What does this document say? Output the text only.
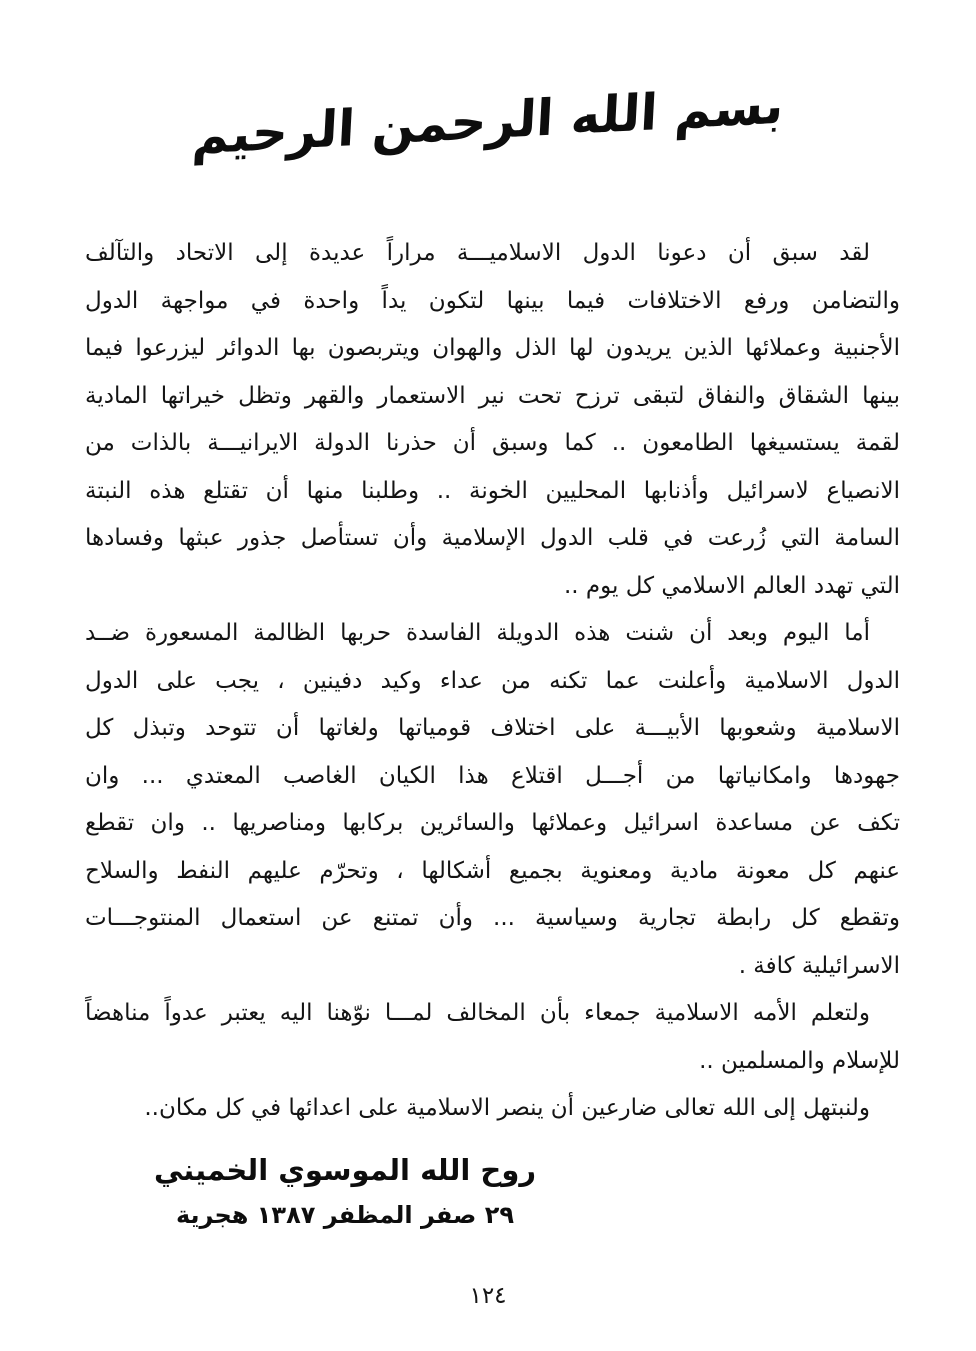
بسم الله الرحمن الرحيم
لقد سبق أن دعونا الدول الاسلاميـــة مراراً عديدة إلى الاتحاد والتآلف
والتضامن ورفع الاختلافات فيما بينها لتكون يداً واحدة في مواجهة الدول
الأجنبية وعملائها الذين يريدون لها الذل والهوان ويتربصون بها الدوائر ليزرعوا فيما
بينها الشقاق والنفاق لتبقى ترزح تحت نير الاستعمار والقهر وتظل خيراتها المادية
لقمة يستسيغها الطامعون .. كما وسبق أن حذرنا الدولة الايرانيـــة بالذات من
الانصياع لاسرائيل وأذنابها المحليين الخونة .. وطلبنا منها أن تقتلع هذه النبتة
السامة التي زُرعت في قلب الدول الإسلامية وأن تستأصل جذور عبثها وفسادها
التي تهدد العالم الاسلامي كل يوم ..
أما اليوم وبعد أن شنت هذه الدويلة الفاسدة حربها الظالمة المسعورة ضــد
الدول الاسلامية وأعلنت عما تكنه من عداء وكيد دفينين ، يجب على الدول
الاسلامية وشعوبها الأبيـــة على اختلاف قومياتها ولغاتها أن تتوحد وتبذل كل
جهودها وامكانياتها من أجـــل اقتلاع هذا الكيان الغاصب المعتدي ... وان
تكف عن مساعدة اسرائيل وعملائها والسائرين بركابها ومناصريها .. وان تقطع
عنهم كل معونة مادية ومعنوية بجميع أشكالها ، وتحرّم عليهم النفط والسلاح
وتقطع كل رابطة تجارية وسياسية ... وأن تمتنع عن استعمال المنتوجـــات
الاسرائيلية كافة .
ولتعلم الأمه الاسلامية جمعاء بأن المخالف لمـــا نوّهنا اليه يعتبر عدواً مناهضاً
للإسلام والمسلمين ..
ولنبتهل إلى الله تعالى ضارعين أن ينصر الاسلامية على اعدائها في كل مكان..
روح الله الموسوي الخميني
٢٩ صفر المظفر ١٣٨٧ هجرية
١٢٤
